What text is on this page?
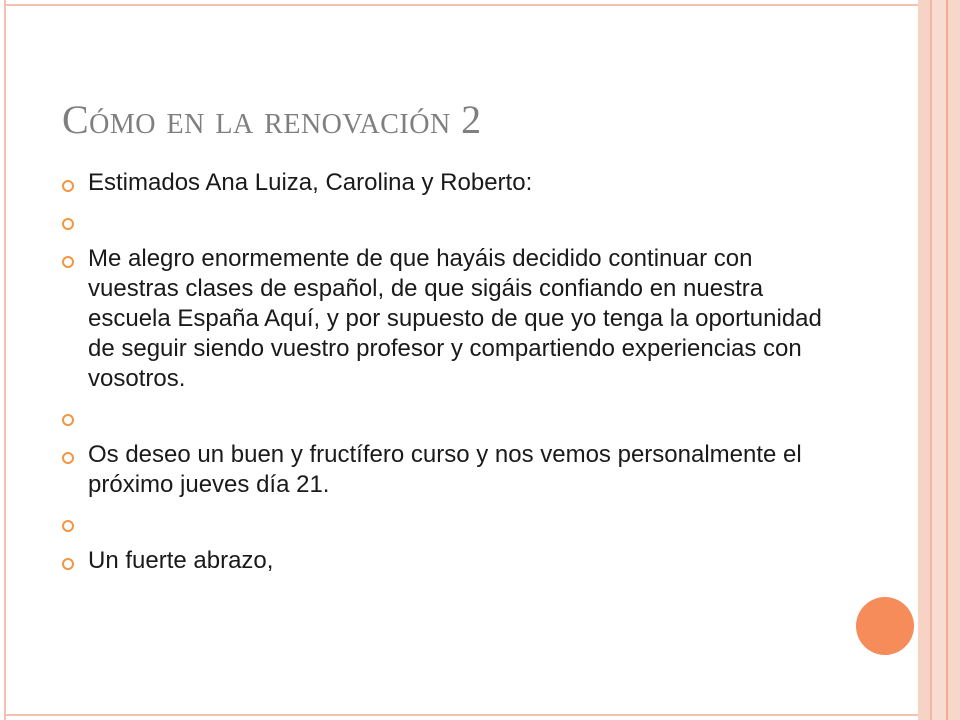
Cómo en la renovación 2
Estimados Ana Luiza, Carolina y Roberto:
Me alegro enormemente de que hayáis decidido continuar con vuestras clases de español, de que sigáis confiando en nuestra escuela España Aquí, y por supuesto de que yo tenga la oportunidad de seguir siendo vuestro profesor y compartiendo experiencias con vosotros.
Os deseo un buen y fructífero curso y nos vemos personalmente el próximo jueves día 21.
Un fuerte abrazo,
